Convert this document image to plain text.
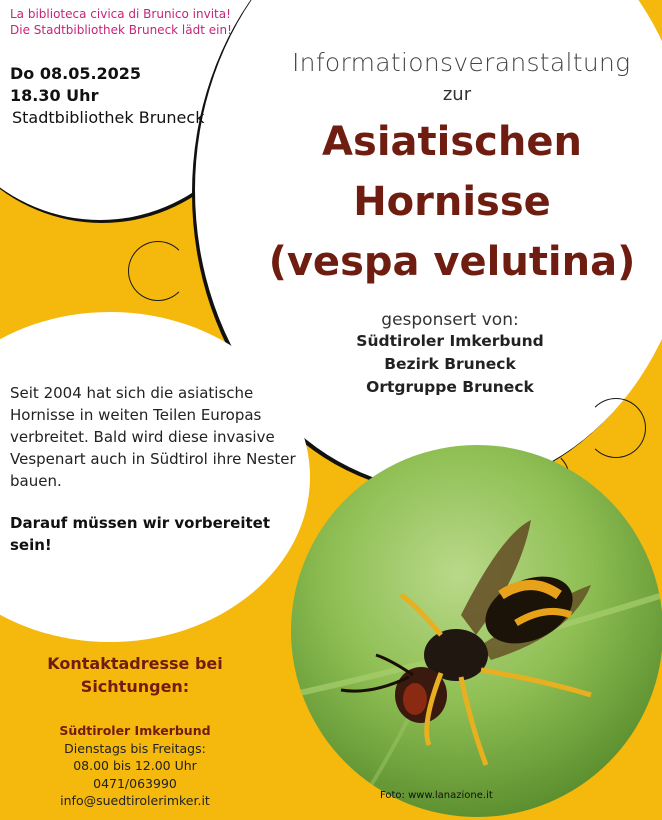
La biblioteca civica di Brunico invita!
Die Stadtbibliothek Bruneck lädt ein!
Do 08.05.2025
18.30 Uhr
Stadtbibliothek Bruneck
Informationsveranstaltung
zur
Asiatischen
Hornisse
(vespa velutina)
gesponsert von:
Südtiroler Imkerbund
Bezirk Bruneck
Ortgruppe Bruneck
Seit 2004 hat sich die asiatische Hornisse in weiten Teilen Europas verbreitet. Bald wird diese invasive Vespenart auch in Südtirol ihre Nester bauen.
Darauf müssen wir vorbereitet sein!
Kontaktadresse bei Sichtungen:
Südtiroler Imkerbund
Dienstags bis Freitags:
08.00 bis 12.00 Uhr
0471/063990
info@suedtirolerimker.it	Foto: www.lanazione.it
